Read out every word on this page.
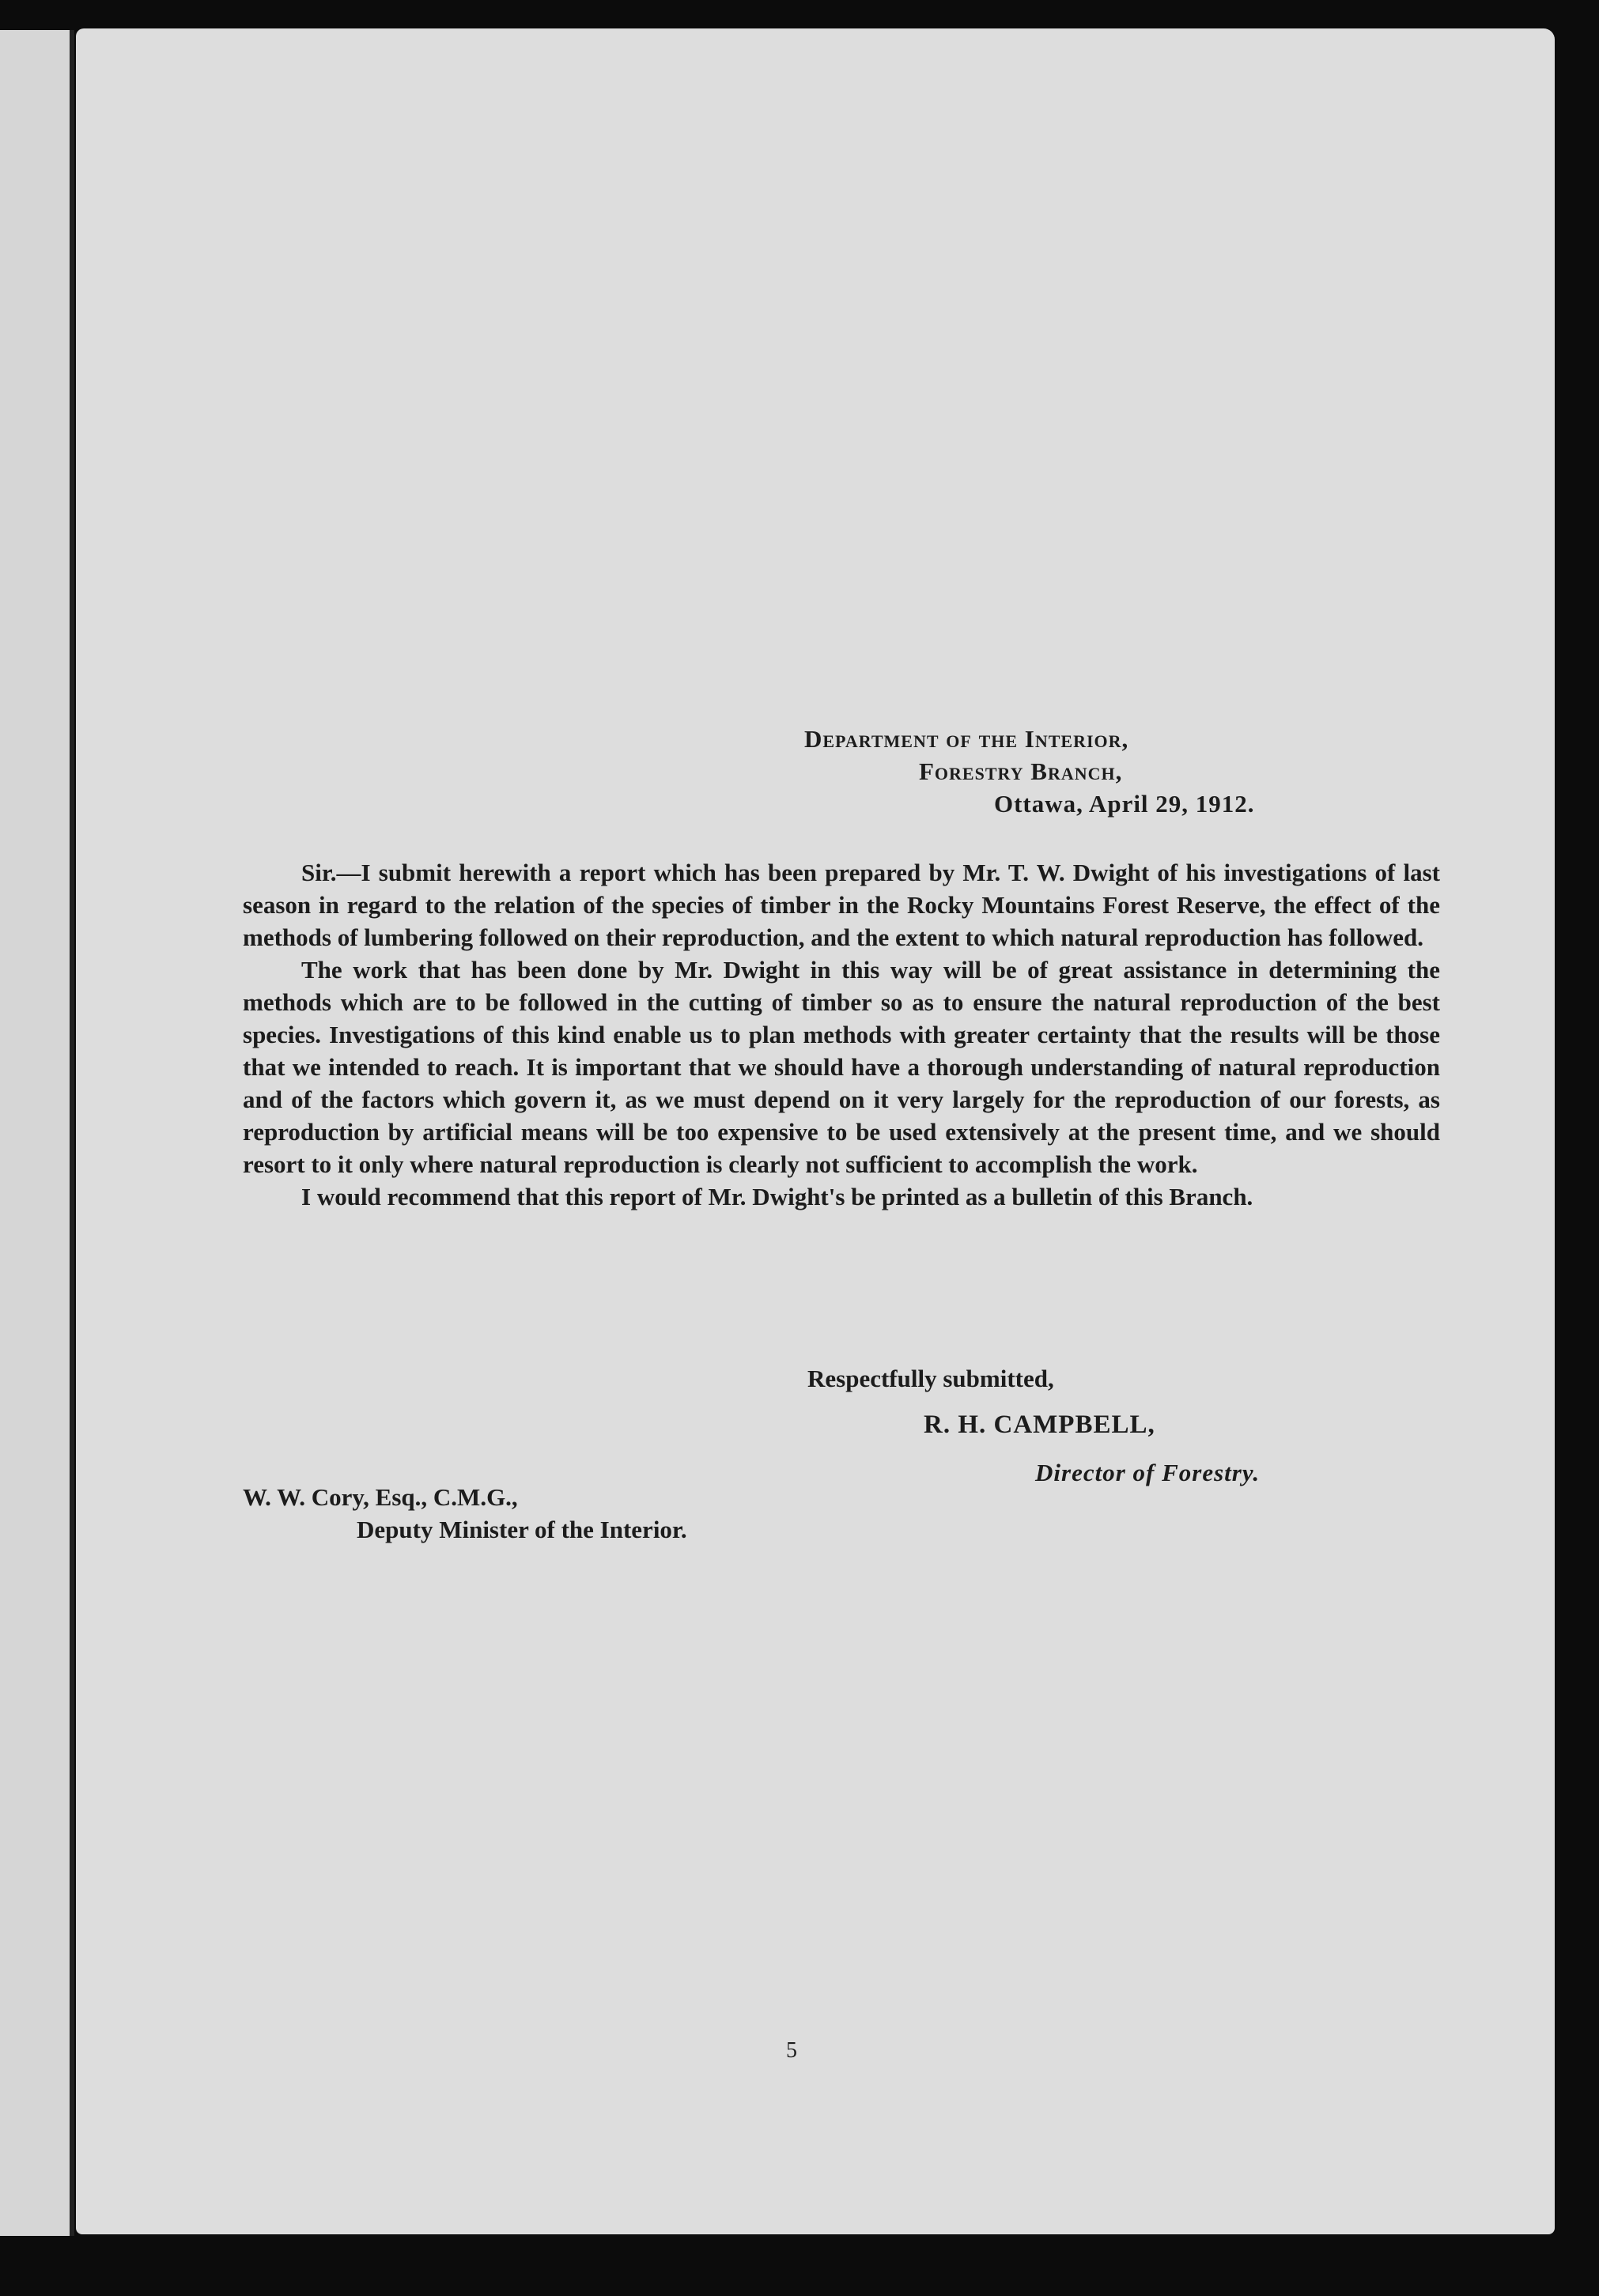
Department of the Interior,
Forestry Branch,
Ottawa, April 29, 1912.

Sir.—I submit herewith a report which has been prepared by Mr. T. W. Dwight of his investigations of last season in regard to the relation of the species of timber in the Rocky Mountains Forest Reserve, the effect of the methods of lumbering followed on their reproduction, and the extent to which natural reproduction has followed.

The work that has been done by Mr. Dwight in this way will be of great assistance in determining the methods which are to be followed in the cutting of timber so as to ensure the natural reproduction of the best species. Investigations of this kind enable us to plan methods with greater certainty that the results will be those that we intended to reach. It is important that we should have a thorough understanding of natural reproduction and of the factors which govern it, as we must depend on it very largely for the reproduction of our forests, as reproduction by artificial means will be too expensive to be used extensively at the present time, and we should resort to it only where natural reproduction is clearly not sufficient to accomplish the work.

I would recommend that this report of Mr. Dwight's be printed as a bulletin of this Branch.

Respectfully submitted,
R. H. CAMPBELL,
Director of Forestry.
W. W. Cory, Esq., C.M.G.,
Deputy Minister of the Interior.
5
